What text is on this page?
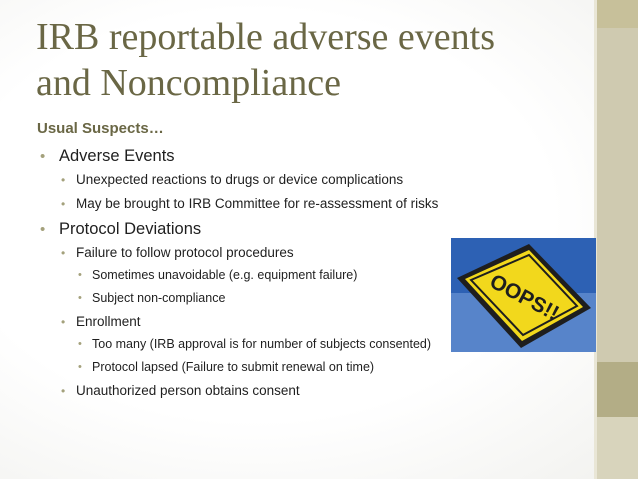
IRB reportable adverse events
and Noncompliance
Usual Suspects…
• Adverse Events
• Unexpected reactions to drugs or device complications
• May be brought to IRB Committee for re-assessment of risks
• Protocol Deviations
• Failure to follow protocol procedures
• Sometimes unavoidable (e.g. equipment failure)
• Subject non-compliance
• Enrollment
• Too many (IRB approval is for number of subjects consented)
• Protocol lapsed (Failure to submit renewal on time)
• Unauthorized person obtains consent
OOPS!!
